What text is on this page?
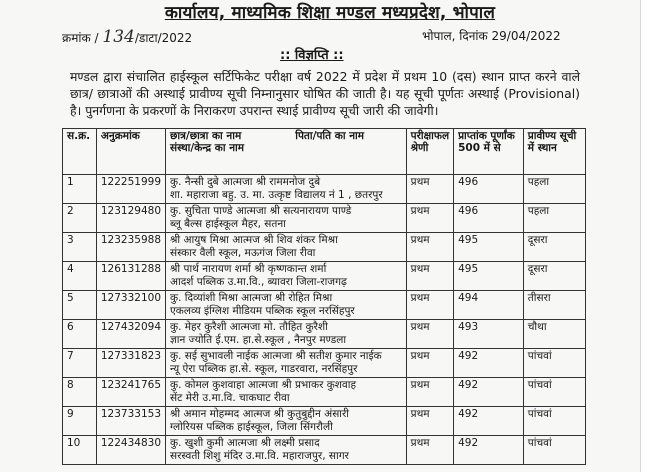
कार्यालय, माध्यमिक शिक्षा मण्डल मध्यप्रदेश, भोपाल
क्रमांक / 134/डाटा/2022	भोपाल, दिनांक 29/04/2022
:: विज्ञप्ति ::
मण्डल द्वारा संचालित हाईस्कूल सर्टिफिकेट परीक्षा वर्ष 2022 में प्रदेश में प्रथम 10 (दस) स्थान प्राप्त करने वाले छात्र/ छात्राओं की अस्थाई प्रावीण्य सूची निम्नानुसार घोषित की जाती है। यह सूची पूर्णतः अस्थाई (Provisional) है। पुनर्गणना के प्रकरणों के निराकरण उपरान्त स्थाई प्रावीण्य सूची जारी की जावेगी।
स.क्र.	अनुक्रमांक	छात्र/छात्रा का नाम पिता/पति का नाम
संस्था/केन्द्र का नाम	परीक्षाफल श्रेणी	प्राप्तांक पूर्णांक 500 में से	प्रावीण्य सूची में स्थान
1	122251999	कु. नैन्सी दुबे आत्मजा श्री राममनोज दुबे
शा. महाराजा बहु. उ. मा. उत्कृष्ट विद्यालय नं 1 , छतरपुर	प्रथम	496	पहला
2	123129480	कु. सुचिता पाण्डे आत्मजा श्री सत्यनारायण पाण्डे
ब्लू बैल्स हाईस्कूल मैहर, सतना	प्रथम	496	पहला
3	123235988	श्री आयुष मिश्रा आत्मज श्री शिव शंकर मिश्रा
संस्कार वैली स्कूल, मऊगंज जिला रीवा	प्रथम	495	दूसरा
4	126131288	श्री पार्थ नारायण शर्मा श्री कृष्णकान्त शर्मा
आदर्श पब्लिक उ.मा.वि., ब्यावरा जिला-राजगढ़	प्रथम	495	दूसरा
5	127332100	कु. दिव्यांशी मिश्रा आत्मजा श्री रोहित मिश्रा
एकलव्य इंग्लिश मीडियम पब्लिक स्कूल नरसिंहपुर	प्रथम	494	तीसरा
6	127432094	कु. मेहर कुरैशी आत्मजा मो. तौहित कुरैशी
ज्ञान ज्योति ई.एम. हा.से.स्कूल , नैनपुर मण्डला	प्रथम	493	चौथा
7	127331823	कु. सई सुभावली नाईक आत्मजा श्री सतीश कुमार नाईक
न्यू ऐरा पब्लिक हा.से. स्कूल, गाडरवारा, नरसिंहपुर	प्रथम	492	पांचवां
8	123241765	कु. कोमल कुशवाहा आत्मजा श्री प्रभाकर कुशवाह
सेंट मेरी उ.मा.वि. चाकघाट रीवा	प्रथम	492	पांचवां
9	123733153	श्री अमान मोहम्मद आत्मज श्री कुतुबुद्दीन अंसारी
ग्लोरियस पब्लिक हाईस्कूल, जिला सिंगरौली	प्रथम	492	पांचवां
10	122434830	कु. खुशी कुमी आत्मजा श्री लक्ष्मी प्रसाद
सरस्वती शिशु मंदिर उ.मा.वि. महाराजपुर, सागर	प्रथम	492	पांचवां
